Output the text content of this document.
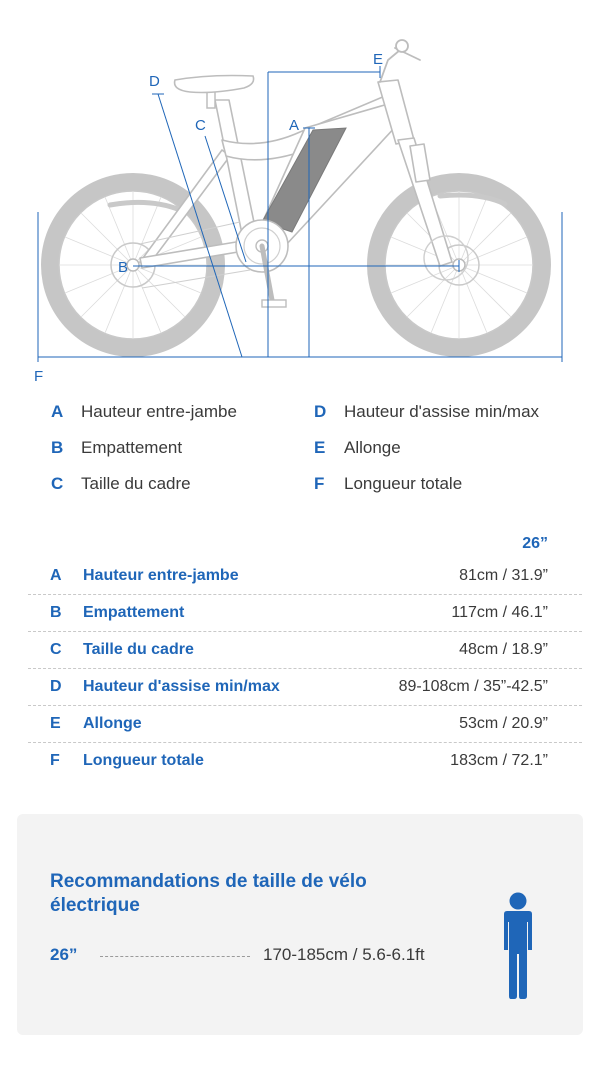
A
B
C
D
E
F
A Hauteur entre-jambe
B Empattement
C Taille du cadre
D Hauteur d'assise min/max
E Allonge
F Longueur totale
26”
A Hauteur entre-jambe	81cm / 31.9”
B Empattement	117cm / 46.1”
C Taille du cadre	48cm / 18.9”
D Hauteur d'assise min/max	89-108cm / 35”-42.5”
E Allonge	53cm / 20.9”
F Longueur totale	183cm / 72.1”
Recommandations de taille de vélo électrique
26”	170-185cm / 5.6-6.1ft
